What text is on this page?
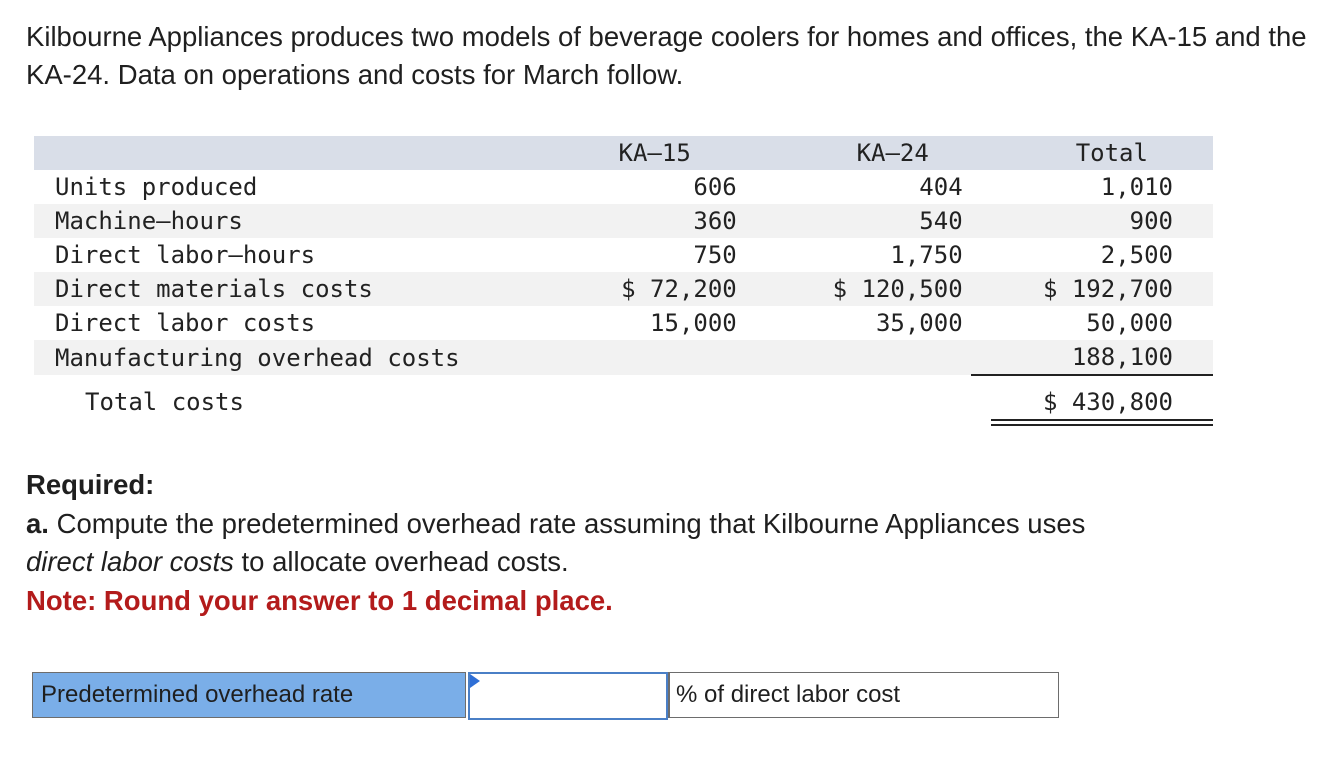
Kilbourne Appliances produces two models of beverage coolers for homes and offices, the KA-15 and the KA-24. Data on operations and costs for March follow.

	KA–15	KA–24	Total
Units produced	606	404	1,010
Machine–hours	360	540	900
Direct labor–hours	750	1,750	2,500
Direct materials costs	$ 72,200	$ 120,500	$ 192,700
Direct labor costs	15,000	35,000	50,000
Manufacturing overhead costs			188,100
Total costs			$ 430,800
Required:
a. Compute the predetermined overhead rate assuming that Kilbourne Appliances uses
direct labor costs to allocate overhead costs.
Note: Round your answer to 1 decimal place.
Predetermined overhead rate	% of direct labor cost
